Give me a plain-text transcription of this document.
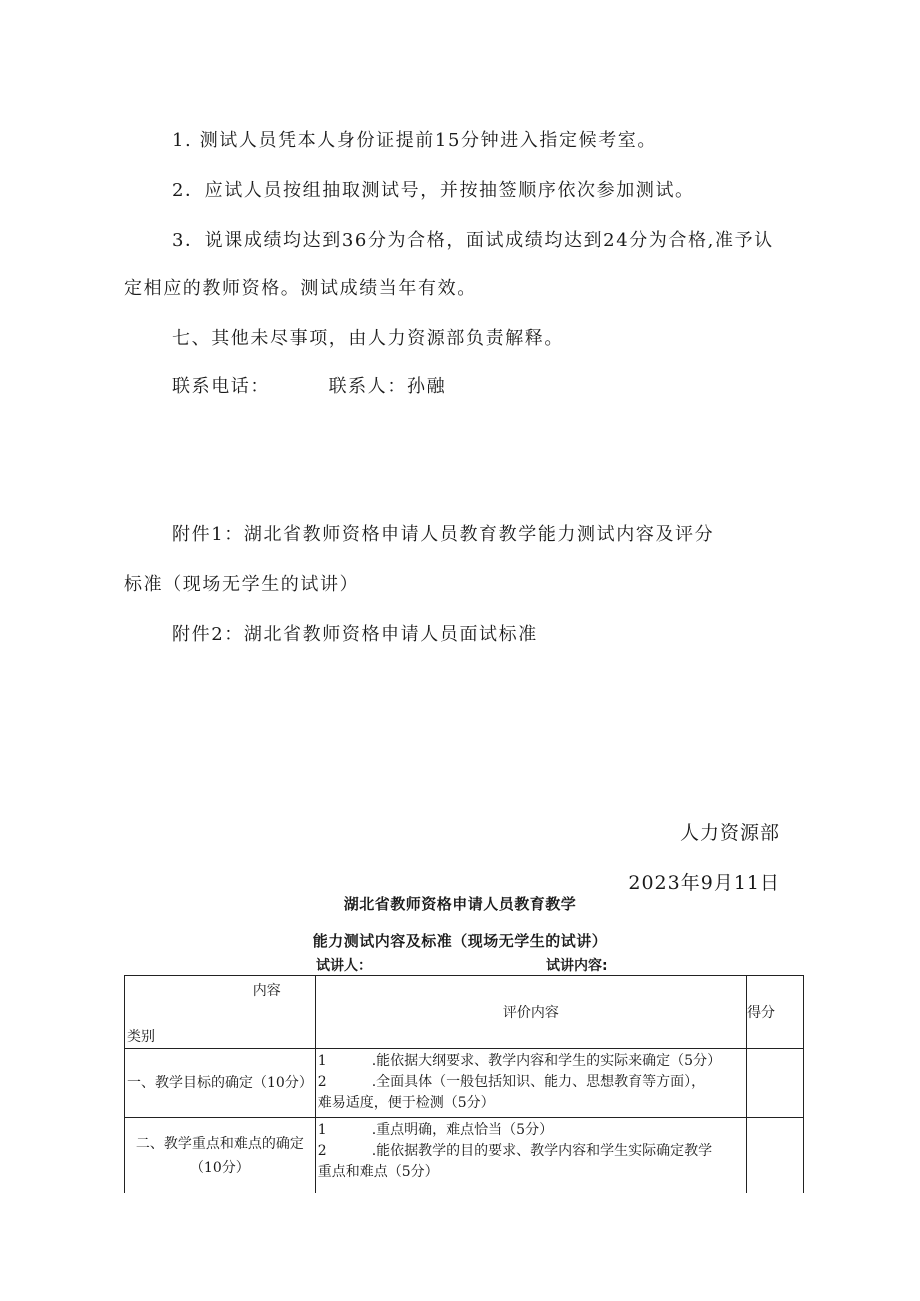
1. 测试人员凭本人身份证提前15分钟进入指定候考室。
2．应试人员按组抽取测试号，并按抽签顺序依次参加测试。
3．说课成绩均达到36分为合格，面试成绩均达到24分为合格,准予认
定相应的教师资格。测试成绩当年有效。
七、其他未尽事项，由人力资源部负责解释。
联系电话：        联系人：孙融
附件1：湖北省教师资格申请人员教育教学能力测试内容及评分
标准（现场无学生的试讲）
附件2：湖北省教师资格申请人员面试标准
人力资源部
2023年9月11日
湖北省教师资格申请人员教育教学
能力测试内容及标准（现场无学生的试讲）
试讲人：	试讲内容:
内容
类别	评价内容	得分
一、教学目标的确定（10分）	1 .能依据大纲要求、教学内容和学生的实际来确定（5分）
2 .全面具体（一般包括知识、能力、思想教育等方面），
难易适度，便于检测（5分）	

二、教学重点和难点的确定（10分）	1 .重点明确，难点恰当（5分）
2 .能依据教学的目的要求、教学内容和学生实际确定教学
重点和难点（5分）	
